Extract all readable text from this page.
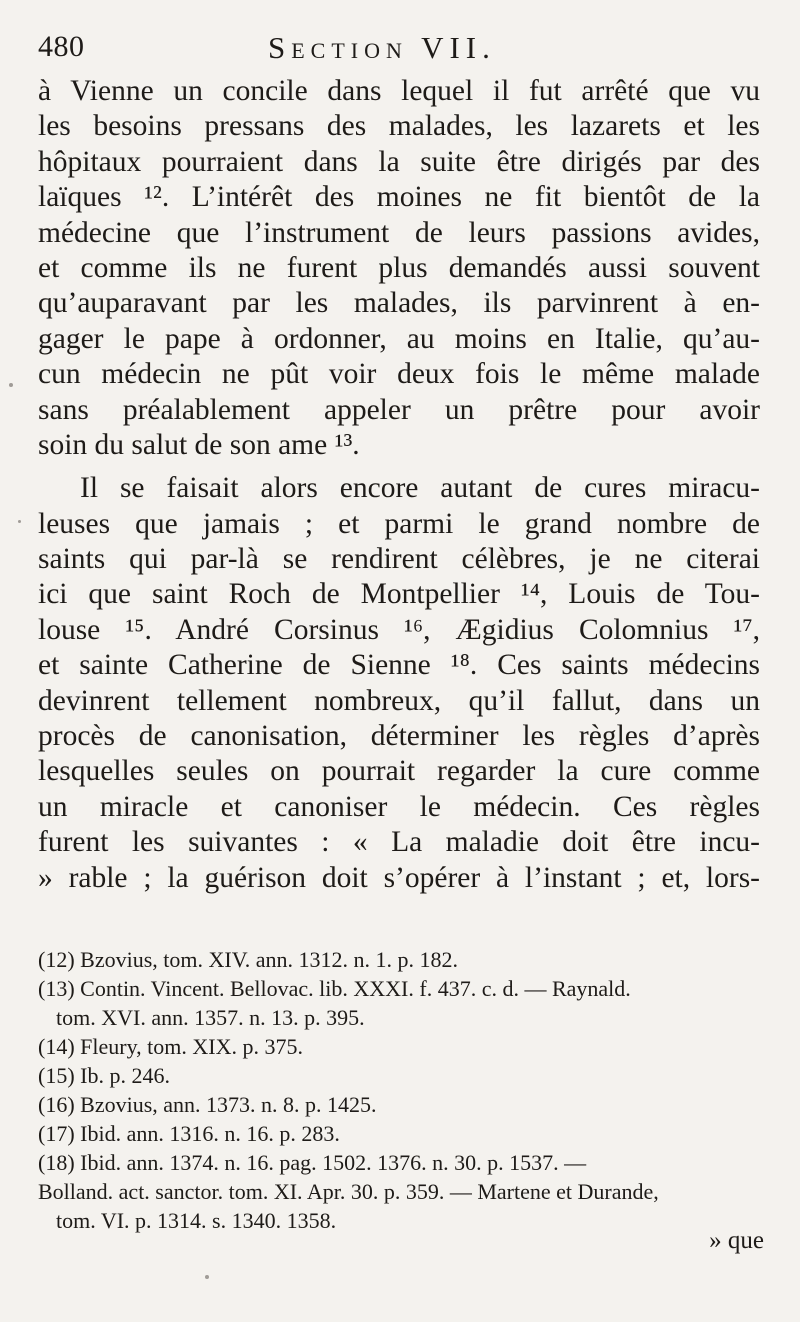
480	Section VII.
à Vienne un concile dans lequel il fut arrêté que vu
les besoins pressans des malades, les lazarets et les
hôpitaux pourraient dans la suite être dirigés par des
laïques ¹². L’intérêt des moines ne fit bientôt de la
médecine que l’instrument de leurs passions avides,
et comme ils ne furent plus demandés aussi souvent
qu’auparavant par les malades, ils parvinrent à en-
gager le pape à ordonner, au moins en Italie, qu’au-
cun médecin ne pût voir deux fois le même malade
sans préalablement appeler un prêtre pour avoir
soin du salut de son ame ¹³.
Il se faisait alors encore autant de cures miracu-
leuses que jamais ; et parmi le grand nombre de
saints qui par-là se rendirent célèbres, je ne citerai
ici que saint Roch de Montpellier ¹⁴, Louis de Tou-
louse ¹⁵. André Corsinus ¹⁶, Ægidius Colomnius ¹⁷,
et sainte Catherine de Sienne ¹⁸. Ces saints médecins
devinrent tellement nombreux, qu’il fallut, dans un
procès de canonisation, déterminer les règles d’après
lesquelles seules on pourrait regarder la cure comme
un miracle et canoniser le médecin. Ces règles
furent les suivantes : « La maladie doit être incu-
» rable ; la guérison doit s’opérer à l’instant ; et, lors-
(12) Bzovius, tom. XIV. ann. 1312. n. 1. p. 182.
(13) Contin. Vincent. Bellovac. lib. XXXI. f. 437. c. d. — Raynald.
tom. XVI. ann. 1357. n. 13. p. 395.
(14) Fleury, tom. XIX. p. 375.
(15) Ib. p. 246.
(16) Bzovius, ann. 1373. n. 8. p. 1425.
(17) Ibid. ann. 1316. n. 16. p. 283.
(18) Ibid. ann. 1374. n. 16. pag. 1502. 1376. n. 30. p. 1537. —
Bolland. act. sanctor. tom. XI. Apr. 30. p. 359. — Martene et Durande,
tom. VI. p. 1314. s. 1340. 1358.
» que
